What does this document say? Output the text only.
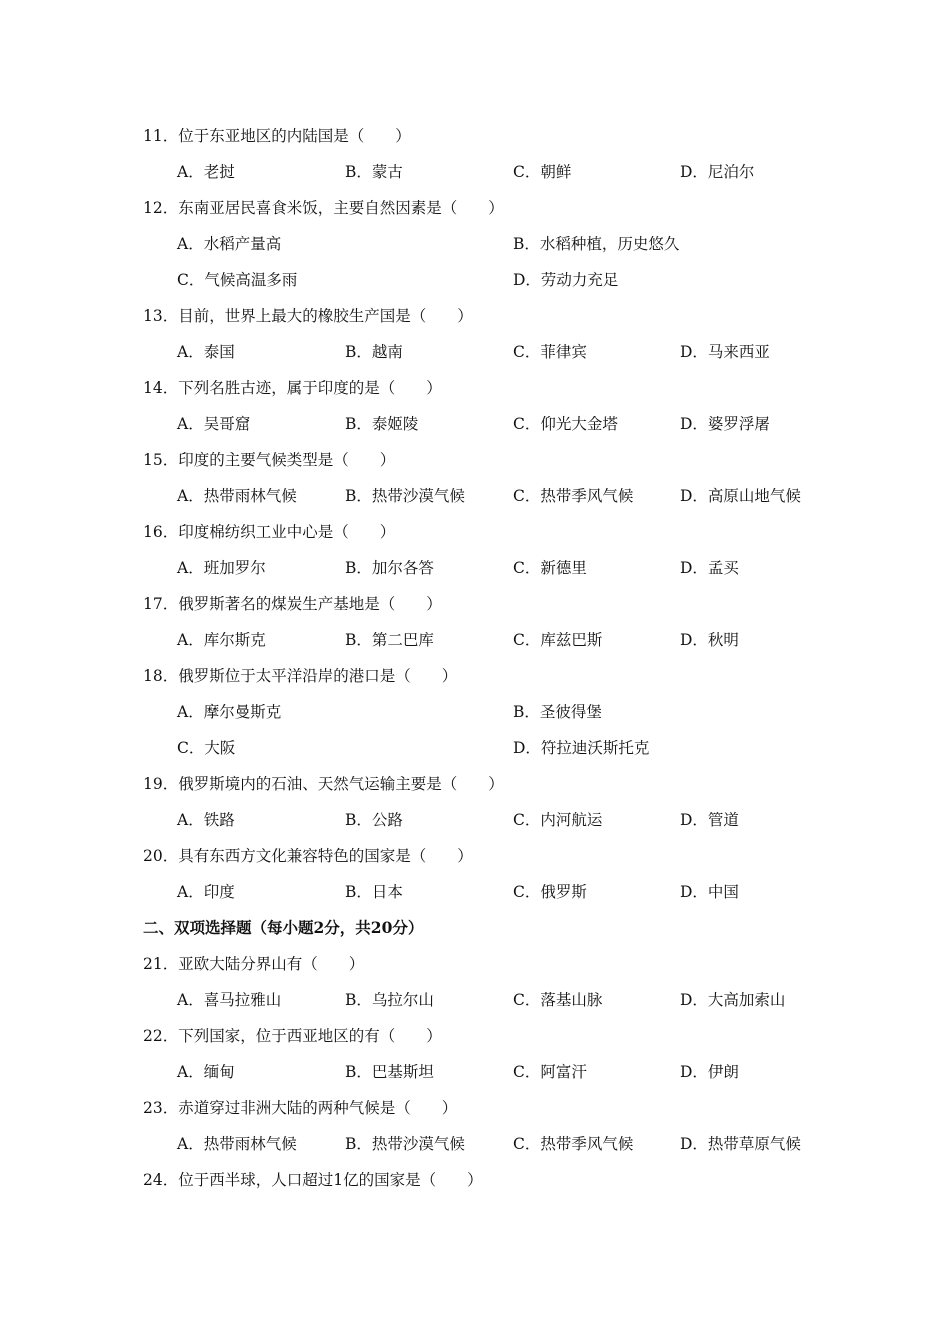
11．位于东亚地区的内陆国是（　　）
A．老挝	B．蒙古	C．朝鲜	D．尼泊尔
12．东南亚居民喜食米饭，主要自然因素是（　　）
A．水稻产量高	B．水稻种植，历史悠久
C．气候高温多雨	D．劳动力充足
13．目前，世界上最大的橡胶生产国是（　　）
A．泰国	B．越南	C．菲律宾	D．马来西亚
14．下列名胜古迹，属于印度的是（　　）
A．吴哥窟	B．泰姬陵	C．仰光大金塔	D．婆罗浮屠
15．印度的主要气候类型是（　　）
A．热带雨林气候	B．热带沙漠气候	C．热带季风气候	D．高原山地气候
16．印度棉纺织工业中心是（　　）
A．班加罗尔	B．加尔各答	C．新德里	D．孟买
17．俄罗斯著名的煤炭生产基地是（　　）
A．库尔斯克	B．第二巴库	C．库兹巴斯	D．秋明
18．俄罗斯位于太平洋沿岸的港口是（　　）
A．摩尔曼斯克	B．圣彼得堡
C．大阪	D．符拉迪沃斯托克
19．俄罗斯境内的石油、天然气运输主要是（　　）
A．铁路	B．公路	C．内河航运	D．管道
20．具有东西方文化兼容特色的国家是（　　）
A．印度	B．日本	C．俄罗斯	D．中国
二、双项选择题（每小题2分，共20分）
21．亚欧大陆分界山有（　　）
A．喜马拉雅山	B．乌拉尔山	C．落基山脉	D．大高加索山
22．下列国家，位于西亚地区的有（　　）
A．缅甸	B．巴基斯坦	C．阿富汗	D．伊朗
23．赤道穿过非洲大陆的两种气候是（　　）
A．热带雨林气候	B．热带沙漠气候	C．热带季风气候	D．热带草原气候
24．位于西半球，人口超过1亿的国家是（　　）
